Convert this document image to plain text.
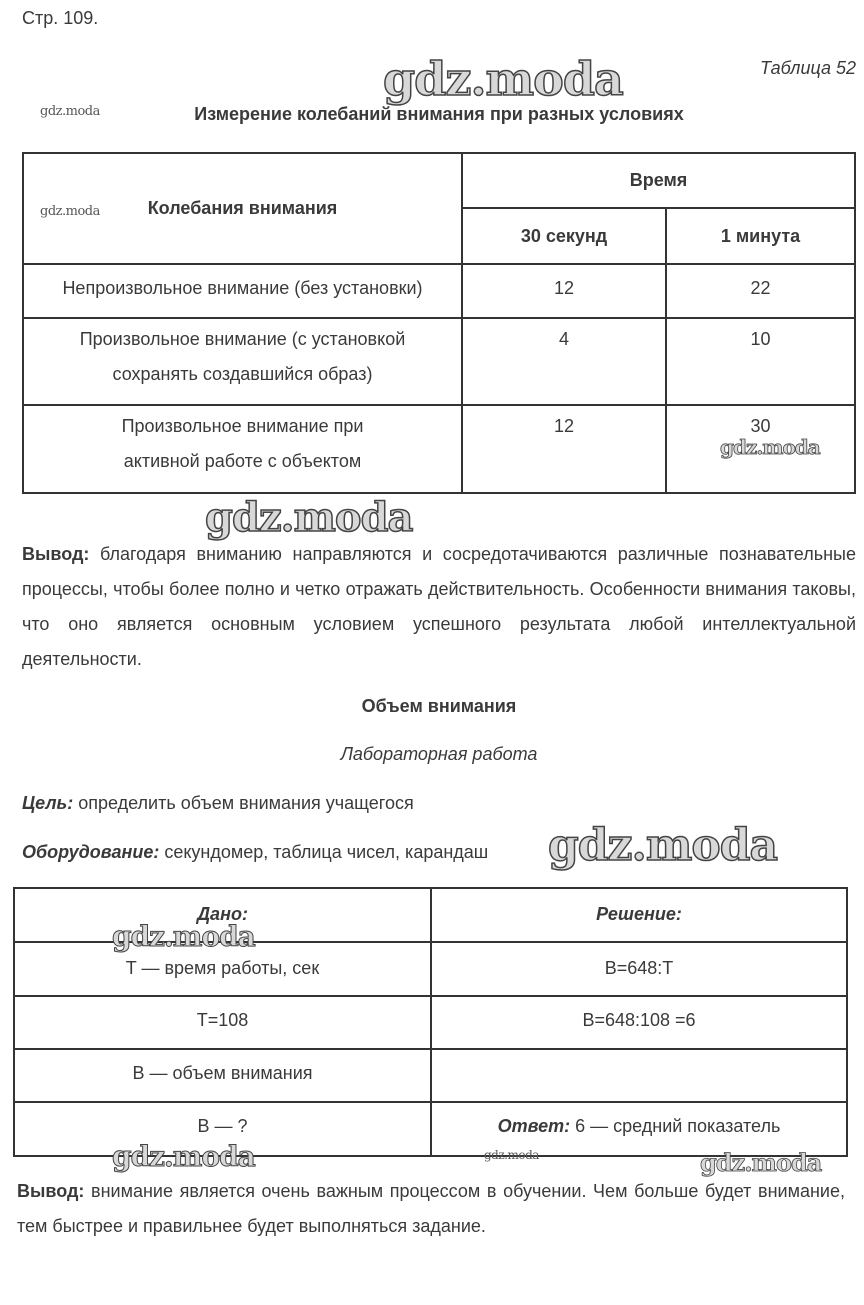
Стр. 109.
Таблица 52
Измерение колебаний внимания при разных условиях
Колебания внимания	Время	
	30 секунд	1 минута
Непроизвольное внимание (без установки)	12	22
Произвольное внимание (с установкой сохранять создавшийся образ)	4	10
Произвольное внимание при активной работе с объектом	12	30
Вывод: благодаря вниманию направляются и сосредотачиваются различные познавательные процессы, чтобы более полно и четко отражать действительность. Особенности внимания таковы, что оно является основным условием успешного результата любой интеллектуальной деятельности.
Объем внимания
Лабораторная работа
Цель: определить объем внимания учащегося
Оборудование: секундомер, таблица чисел, карандаш
Дано:	Решение:
T — время работы, сек	B=648:T
T=108	B=648:108 =6
B — объем внимания	
B — ?	Ответ: 6 — средний показатель
Вывод: внимание является очень важным процессом в обучении. Чем больше будет внимание, тем быстрее и правильнее будет выполняться задание.
gdz.moda
gdz.moda
gdz.moda
gdz.moda
gdz.moda
gdz.moda
gdz.moda
gdz.moda	gdz.moda	gdz.moda
